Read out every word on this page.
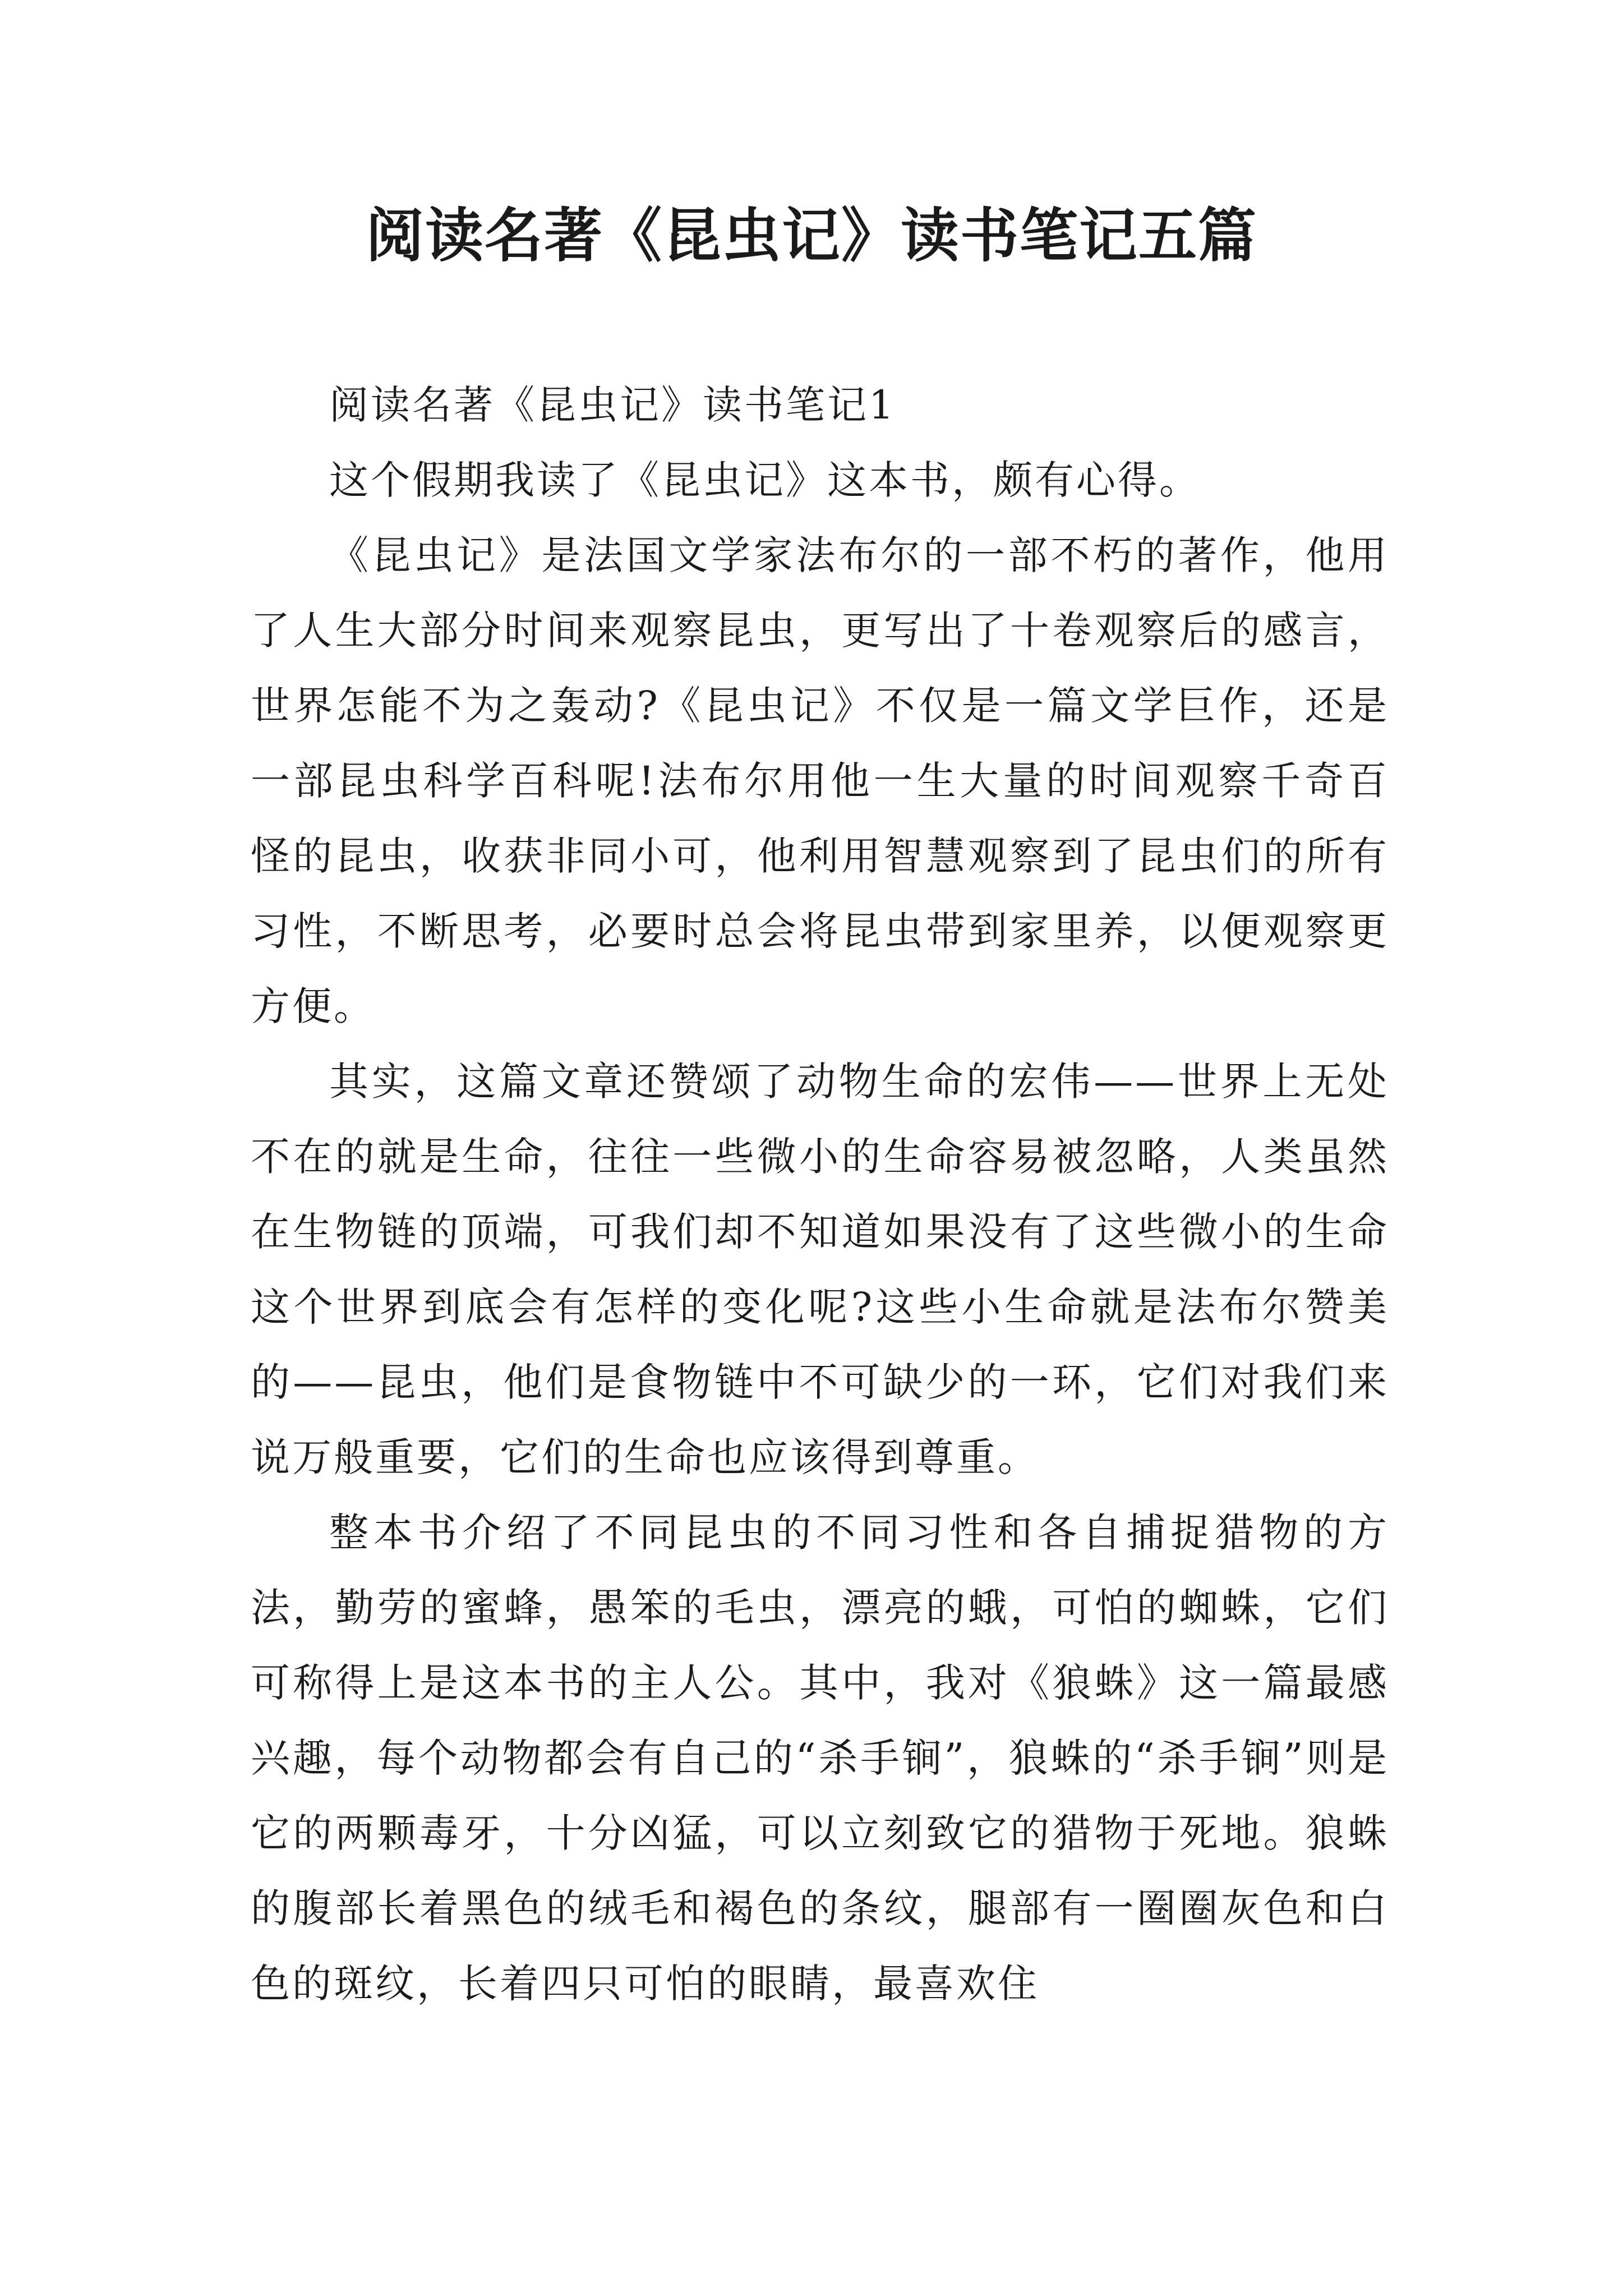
阅读名著《昆虫记》读书笔记五篇

阅读名著《昆虫记》读书笔记1

这个假期我读了《昆虫记》这本书，颇有心得。

《昆虫记》是法国文学家法布尔的一部不朽的著作，他用了人生大部分时间来观察昆虫，更写出了十卷观察后的感言，世界怎能不为之轰动?《昆虫记》不仅是一篇文学巨作，还是一部昆虫科学百科呢!法布尔用他一生大量的时间观察千奇百怪的昆虫，收获非同小可，他利用智慧观察到了昆虫们的所有习性，不断思考，必要时总会将昆虫带到家里养，以便观察更方便。

其实，这篇文章还赞颂了动物生命的宏伟——世界上无处不在的就是生命，往往一些微小的生命容易被忽略，人类虽然在生物链的顶端，可我们却不知道如果没有了这些微小的生命这个世界到底会有怎样的变化呢?这些小生命就是法布尔赞美的——昆虫，他们是食物链中不可缺少的一环，它们对我们来说万般重要，它们的生命也应该得到尊重。

整本书介绍了不同昆虫的不同习性和各自捕捉猎物的方法，勤劳的蜜蜂，愚笨的毛虫，漂亮的蛾，可怕的蜘蛛，它们可称得上是这本书的主人公。其中，我对《狼蛛》这一篇最感兴趣，每个动物都会有自己的“杀手锏”，狼蛛的“杀手锏”则是它的两颗毒牙，十分凶猛，可以立刻致它的猎物于死地。狼蛛的腹部长着黑色的绒毛和褐色的条纹，腿部有一圈圈灰色和白色的斑纹，长着四只可怕的眼睛，最喜欢住
